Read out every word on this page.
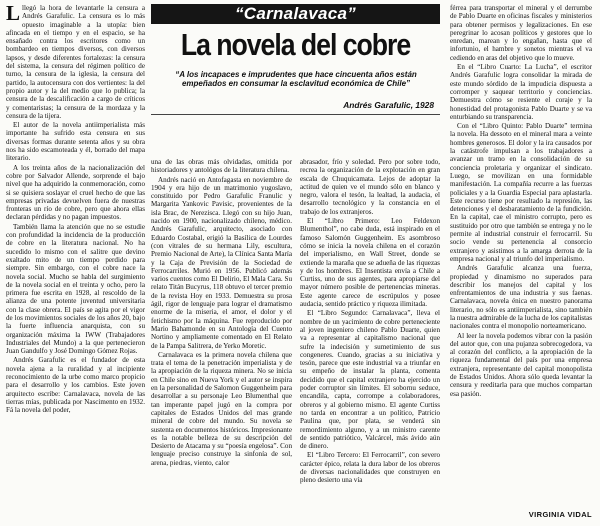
Lllegó la hora de levantarle la censura a Andrés Garafulic. La censura es lo más opuesto imaginable a la utopía: bien afincada en el tiempo y en el espacio, se ha ensañado contra los escritores como un bombardeo en tiempos diversos, con diversos lapsos, y desde diferentes fortalezas: la censura del sistema, la censura del régimen político de turno, la censura de la iglesia, la censura del partido, la autocensura con dos vertientes: la del propio autor y la del medio que lo publica; la censura de la descalificación a cargo de críticos y comentaristas; la censura de la mordaza y la censura de la tijera.

El autor de la novela antiimperialista más importante ha sufrido esta censura en sus diversas formas durante setenta años y su obra nos ha sido escamoteada y él, borrado del mapa literario.

A los treinta años de la nacionalización del cobre por Salvador Allende, sorprende el bajo nivel que ha adquirido la conmemoración, como si se quisiera soslayar el cruel hecho de que las empresas privadas devuelven fuera de nuestras fronteras un río de cobre, pero que ahora ellas declaran pérdidas y no pagan impuestos.

También llama la atención que no se estudie con profundidad la incidencia de la producción de cobre en la literatura nacional. No ha sucedido lo mismo con el salitre que devino exaltado mito de un tiempo perdido para siempre. Sin embargo, con el cobre nace la novela social. Mucho se habla del surgimiento de la novela social en el treinta y ocho, pero la primera fue escrita en 1928, al rescoldo de la alianza de una potente juventud universitaria con la clase obrera. El país se agita por el vigor de los movimientos sociales de los años 20, bajo la fuerte influencia anarquista, con su organización máxima la IWW (Trabajadores Industriales del Mundo) a la que pertenecieron Juan Gandulfo y José Domingo Gómez Rojas.

Andrés Garafulic es el fundador de esta novela ajena a la ruralidad y al incipiente reconocimiento de la urbe como marco propicio para el desarrollo y los cambios. Este joven arquitecto escribe: Carnalavaca, novela de las tierras mías, publicada por Nascimento en 1932. Fá la novela del poder,

“Carnalavaca”
La novela del cobre
“A los incapaces e imprudentes que hace cincuenta años están empeñados en consumar la esclavitud económica de Chile”
Andrés Garafulic, 1928

una de las obras más olvidadas, omitida por historiadores y antológos de la literatura chilena.

Andrés nació en Antofagasta en noviembre de 1904 y era hijo de un matrimonio yugoslavo, constituido por Pedro Garafulic Franulic y Margarita Yankovic Pavisic, provenientes de la isla Brac, de Nerezisca. Llegó con su hijo Juan, nacido en 1900, nacionalizado chileno, médico. Andrés Garafulic, arquitecto, asociado con Eduardo Costabal, erigió la Basílica de Lourdes (con vitrales de su hermana Lily, escultura, Premio Nacional de Arte), la Clínica Santa María y la Caja de Previsión de la Sociedad de Ferrocarriles. Murió en 1956. Publicó además varios cuentos como El Delirio, El Mala Cara. Su relato Titán Bucyrus, 118 obtuvo el tercer premio de la revista Hoy en 1933. Demuestra su prosa ágil, rigor de lenguaje para lograr el dramatismo enorme de la miseria, el amor, el dolor y el fetichismo por la máquina. Fue reproducido por Mario Bahamonde en su Antología del Cuento Nortino y ampliamente comentado en El Relato de la Pampa Salitrera, de Yerko Moretic.

Carnalavaca es la primera novela chilena que trata el tema de la penetración imperialista y de la apropiación de la riqueza minera. No se inicia en Chile sino en Nueva York y el autor se inspira en la personalidad de Salomon Guggenheim para desarrollar a su personaje Leo Blumenthal que tan imperante papel jugó en la compra por capitales de Estados Unidos del mas grande mineral de cobre del mundo. Su novela se sustenta en documentos históricos. Impresionante es la notable belleza de su descripción del Desierto de Atacama y su “poesía engelosa”. Con lenguaje preciso construye la sinfonía de sol, arena, piedras, viento, calor

abrasador, frío y soledad. Pero por sobre todo, recrea la organización de la explotación en gran escala de Chuquicamata. Lejos de adoptar la actitud de quien ve el mundo sólo en blanco y negro, valora el tesón, la lealtad, la audacia, el desarrollo tecnológico y la constancia en el trabajo de los extranjeros.

El “Libro Primero: Leo Feldexon Blumenthol”, no cabe duda, está inspirado en el famoso Salomón Guggenheim. Es asombroso cómo se inicia la novela chilena en el corazón del imperialismo, en Wall Street, donde se extiende la maraña que se adueña de las riquezas y de los hombres. El Insentista envía a Chile a Curtiss, uno de sus agentes, para apropiarse del mayor número posible de pertenencias mineras. Este agente carece de escrúpulos y posee audacia, sentido práctico y riqueza ilimitada.

El “Libro Segundo: Carnalavaca”, lleva el nombre de un yacimiento de cobre perteneciente al joven ingeniero chileno Pablo Duarte, quien va a representar al capitalismo nacional que sufre la indecisión y sumetimiento de sus congeneres. Cuando, gracias a su iniciativa y tesón, parece que este industrial va a triunfar en su empeño de instalar la planta, comenta decidido que el capital extranjero ha ejercido un poder corruptor sin límites. El sobornu seduce, encandila, capta, corrompe a colaboradores, obreros y al gobierno mismo. El agente Curtiss no tarda en encontrar a un político, Patricio Paulina que, por plata, se venderá sin remordimiento alguno, y a un ministro carente de sentido patriótico, Valcárcel, más ávido aún de dinero.

El “Libro Tercero: El Ferrocarril”, con severo carácter épico, relata la dura labor de los obreros de diversas nacionalidades que construyen en pleno desierto una vía

férrea para transportar el mineral y el derrumbe de Pablo Duarte en oficinas fiscales y ministerios para obtener permisos y legalizaciones. En ese peregrinar lo acosan políticos y gestores que lo enredan, marean y lo engañan, hasta que el infortunio, el hambre y sonetos mientras el va cediendo en aras del objetivo que lo mueve.

En el “Libro Cuarto: La Lucha”, el escritor Andrés Garafulic logra consolidar la mirada de este mundo sórdido de la impudicia dispuesta a corromper y saquear territorio y conciencias. Demuestra cómo se resiente el coraje y la honestidad del protagonista Pablo Duarte y se va enturbiando su transparencia.

Con el “Libro Quinto: Pablo Duarte” termina la novela. Ha dessoto en el mineral mara a veinte hombres generosos. El dolor y la ira causados por la catástrofe impulsan a los trabajadores a avanzar un tramo en la consolidación de su conciencia proletaria y organizar el sindicato. Luego, se movilizan en una formidable manifestación. La compañía recurre a las fuerzas policiales y a la Guardia Especial para aplastarla. Este recurso tiene por resultado la represión, las detenciones y el desbaratamiento de la fundición. En la capital, cae el ministro corrupto, pero es sustituido por otro que también se entrega y no le permite al industrial construir el ferrocarril. Su socio vende su pertenencia al consorcio extranjero y asistimos a la amarga derrota de la empresa nacional y al triunfo del imperialismo.

Andrés Garafulic alcanza una fuerza, propiedad y dinamismo no superados para describir los manejos del capital y los enfrentamientos de una industria y sus faenas. Carnalavaca, novela énica en nuestro panorama literario, no sólo es antiimperialista, sino también la nuestra admirable de la lucha de los capitalistas nacionales contra el monopolio norteamericano.

Al leer la novela podemos vibrar con la pasión del autor que, con una pujanza sobrecogedora, va al corazón del conflicto, a la apropiación de la riqueza fundamental del país por una empresa extranjera, representante del capital monopolista de Estados Unidos. Ahora sólo queda levantar la censura y reeditarla para que muchos compartan esa pasión.

VIRGINIA VIDAL
